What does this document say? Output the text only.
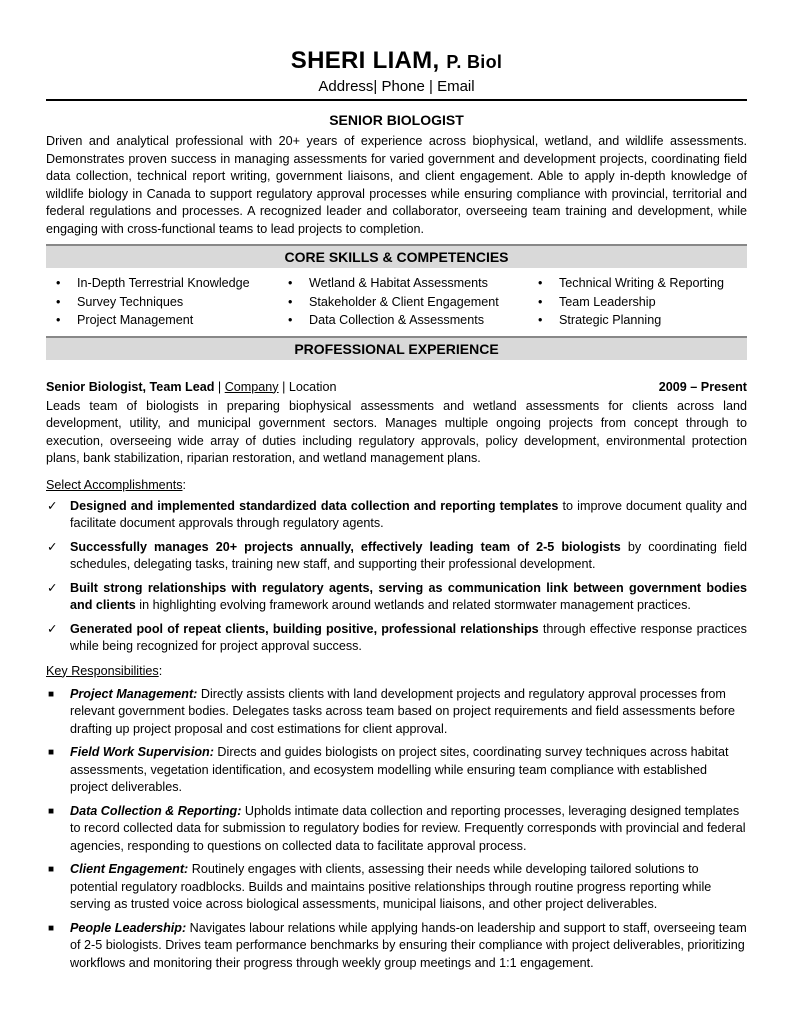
SHERI LIAM, P. Biol
Address| Phone | Email
SENIOR BIOLOGIST
Driven and analytical professional with 20+ years of experience across biophysical, wetland, and wildlife assessments. Demonstrates proven success in managing assessments for varied government and development projects, coordinating field data collection, technical report writing, government liaisons, and client engagement. Able to apply in-depth knowledge of wildlife biology in Canada to support regulatory approval processes while ensuring compliance with provincial, territorial and federal regulations and processes. A recognized leader and collaborator, overseeing team training and development, while engaging with cross-functional teams to lead projects to completion.
CORE SKILLS & COMPETENCIES
• In-Depth Terrestrial Knowledge
• Survey Techniques
• Project Management
• Wetland & Habitat Assessments
• Stakeholder & Client Engagement
• Data Collection & Assessments
• Technical Writing & Reporting
• Team Leadership
• Strategic Planning
PROFESSIONAL EXPERIENCE
Senior Biologist, Team Lead | Company | Location	2009 – Present
Leads team of biologists in preparing biophysical assessments and wetland assessments for clients across land development, utility, and municipal government sectors. Manages multiple ongoing projects from concept through to execution, overseeing wide array of duties including regulatory approvals, policy development, environmental protection plans, bank stabilization, riparian restoration, and wetland management plans.
Select Accomplishments:
✓ Designed and implemented standardized data collection and reporting templates to improve document quality and facilitate document approvals through regulatory agents.
✓ Successfully manages 20+ projects annually, effectively leading team of 2-5 biologists by coordinating field schedules, delegating tasks, training new staff, and supporting their professional development.
✓ Built strong relationships with regulatory agents, serving as communication link between government bodies and clients in highlighting evolving framework around wetlands and related stormwater management practices.
✓ Generated pool of repeat clients, building positive, professional relationships through effective response practices while being recognized for project approval success.
Key Responsibilities:
■ Project Management: Directly assists clients with land development projects and regulatory approval processes from relevant government bodies. Delegates tasks across team based on project requirements and field assessments before drafting up project proposal and cost estimations for client approval.
■ Field Work Supervision: Directs and guides biologists on project sites, coordinating survey techniques across habitat assessments, vegetation identification, and ecosystem modelling while ensuring team compliance with established project deliverables.
■ Data Collection & Reporting: Upholds intimate data collection and reporting processes, leveraging designed templates to record collected data for submission to regulatory bodies for review. Frequently corresponds with provincial and federal agencies, responding to questions on collected data to facilitate approval process.
■ Client Engagement: Routinely engages with clients, assessing their needs while developing tailored solutions to potential regulatory roadblocks. Builds and maintains positive relationships through routine progress reporting while serving as trusted voice across biological assessments, municipal liaisons, and other project deliverables.
■ People Leadership: Navigates labour relations while applying hands-on leadership and support to staff, overseeing team of 2-5 biologists. Drives team performance benchmarks by ensuring their compliance with project deliverables, prioritizing workflows and monitoring their progress through weekly group meetings and 1:1 engagement.
